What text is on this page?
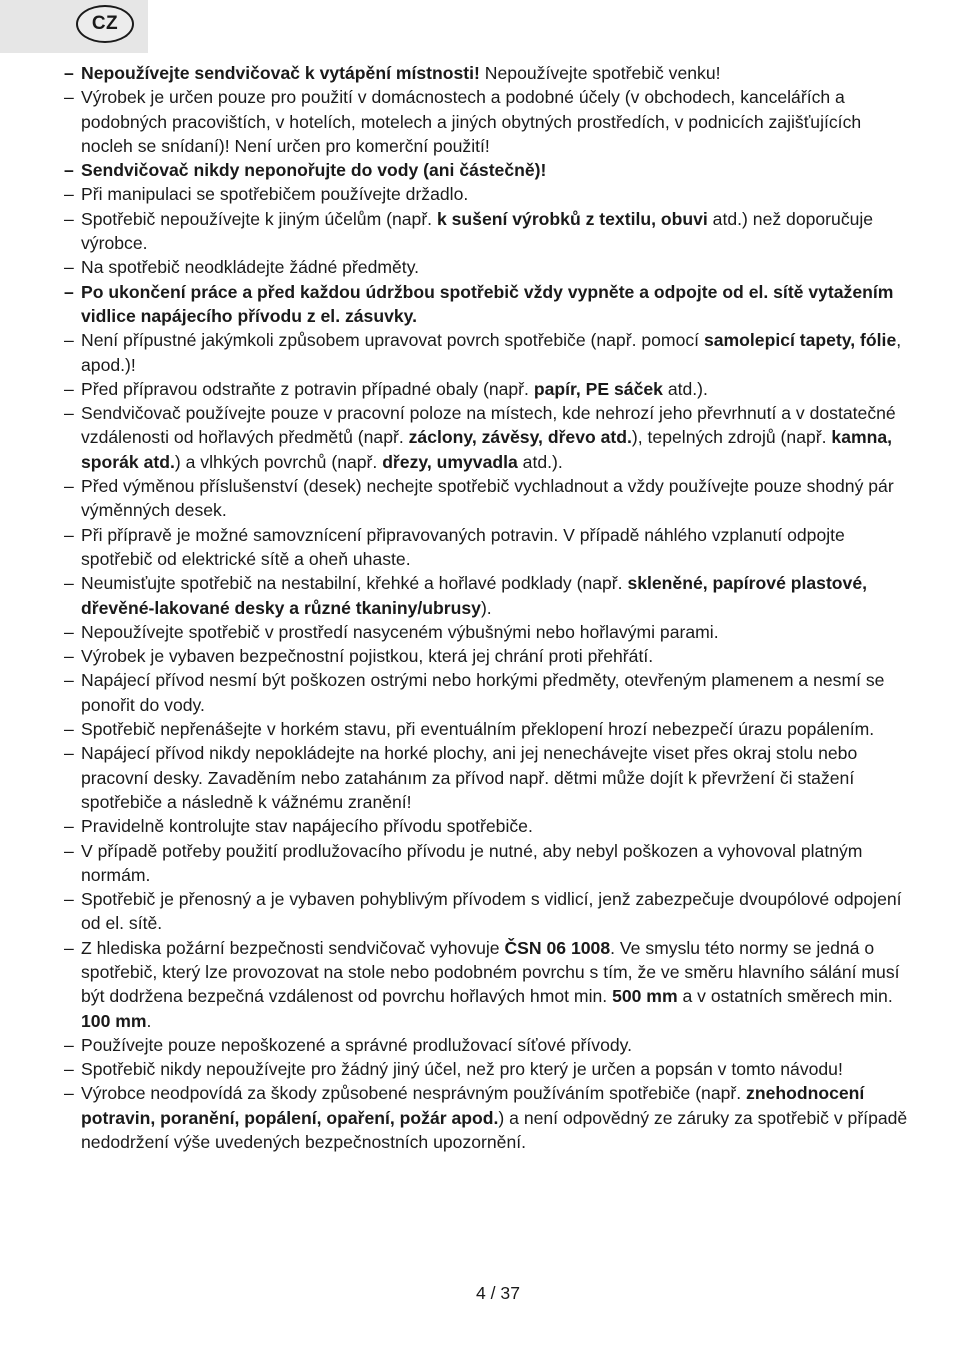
CZ
– Nepoužívejte sendvičovač k vytápění místnosti! Nepoužívejte spotřebič venku!
– Výrobek je určen pouze pro použití v domácnostech a podobné účely (v obchodech, kancelářích a podobných pracovištích, v hotelích, motelech a jiných obytných prostředích, v podnicích zajišťujících nocleh se snídaní)! Není určen pro komerční použití!
– Sendvičovač nikdy neponořujte do vody (ani částečně)!
– Při manipulaci se spotřebičem používejte držadlo.
– Spotřebič nepoužívejte k jiným účelům (např. k sušení výrobků z textilu, obuvi atd.) než doporučuje výrobce.
– Na spotřebič neodkládejte žádné předměty.
– Po ukončení práce a před každou údržbou spotřebič vždy vypněte a odpojte od el. sítě vytažením vidlice napájecího přívodu z el. zásuvky.
– Není přípustné jakýmkoli způsobem upravovat povrch spotřebiče (např. pomocí samolepicí tapety, fólie, apod.)!
– Před přípravou odstraňte z potravin případné obaly (např. papír, PE sáček atd.).
– Sendvičovač používejte pouze v pracovní poloze na místech, kde nehrozí jeho převrhnutí a v dostatečné vzdálenosti od hořlavých předmětů (např. záclony, závěsy, dřevo atd.), tepelných zdrojů (např. kamna, sporák atd.) a vlhkých povrchů (např. dřezy, umyvadla atd.).
– Před výměnou příslušenství (desek) nechejte spotřebič vychladnout a vždy používejte pouze shodný pár výměnných desek.
– Při přípravě je možné samovznícení připravovaných potravin. V případě náhlého vzplanutí odpojte spotřebič od elektrické sítě a oheň uhaste.
– Neumisťujte spotřebič na nestabilní, křehké a hořlavé podklady (např. skleněné, papírové plastové, dřevěné-lakované desky a různé tkaniny/ubrusy).
– Nepoužívejte spotřebič v prostředí nasyceném výbušnými nebo hořlavými parami.
– Výrobek je vybaven bezpečnostní pojistkou, která jej chrání proti přehřátí.
– Napájecí přívod nesmí být poškozen ostrými nebo horkými předměty, otevřeným plamenem a nesmí se ponořit do vody.
– Spotřebič nepřenášejte v horkém stavu, při eventuálním překlopení hrozí nebezpečí úrazu popálením.
– Napájecí přívod nikdy nepokládejte na horké plochy, ani jej nenechávejte viset přes okraj stolu nebo pracovní desky. Zavaděním nebo zatahánım za přívod např. dětmi může dojít k převržení či stažení spotřebiče a následně k vážnému zranění!
– Pravidelně kontrolujte stav napájecího přívodu spotřebiče.
– V případě potřeby použití prodlužovacího přívodu je nutné, aby nebyl poškozen a vyhovoval platným normám.
– Spotřebič je přenosný a je vybaven pohyblivým přívodem s vidlicí, jenž zabezpečuje dvoupólové odpojení od el. sítě.
– Z hlediska požární bezpečnosti sendvičovač vyhovuje ČSN 06 1008. Ve smyslu této normy se jedná o spotřebič, který lze provozovat na stole nebo podobném povrchu s tím, že ve směru hlavního sálání musí být dodržena bezpečná vzdálenost od povrchu hořlavých hmot min. 500 mm a v ostatních směrech min. 100 mm.
– Používejte pouze nepoškozené a správné prodlužovací síťové přívody.
– Spotřebič nikdy nepoužívejte pro žádný jiný účel, než pro který je určen a popsán v tomto návodu!
– Výrobce neodpovídá za škody způsobené nesprávným používáním spotřebiče (např. znehodnocení potravin, poranění, popálení, opaření, požár apod.) a není odpovědný ze záruky za spotřebič v případě nedodržení výše uvedených bezpečnostních upozornění.
4 / 37
